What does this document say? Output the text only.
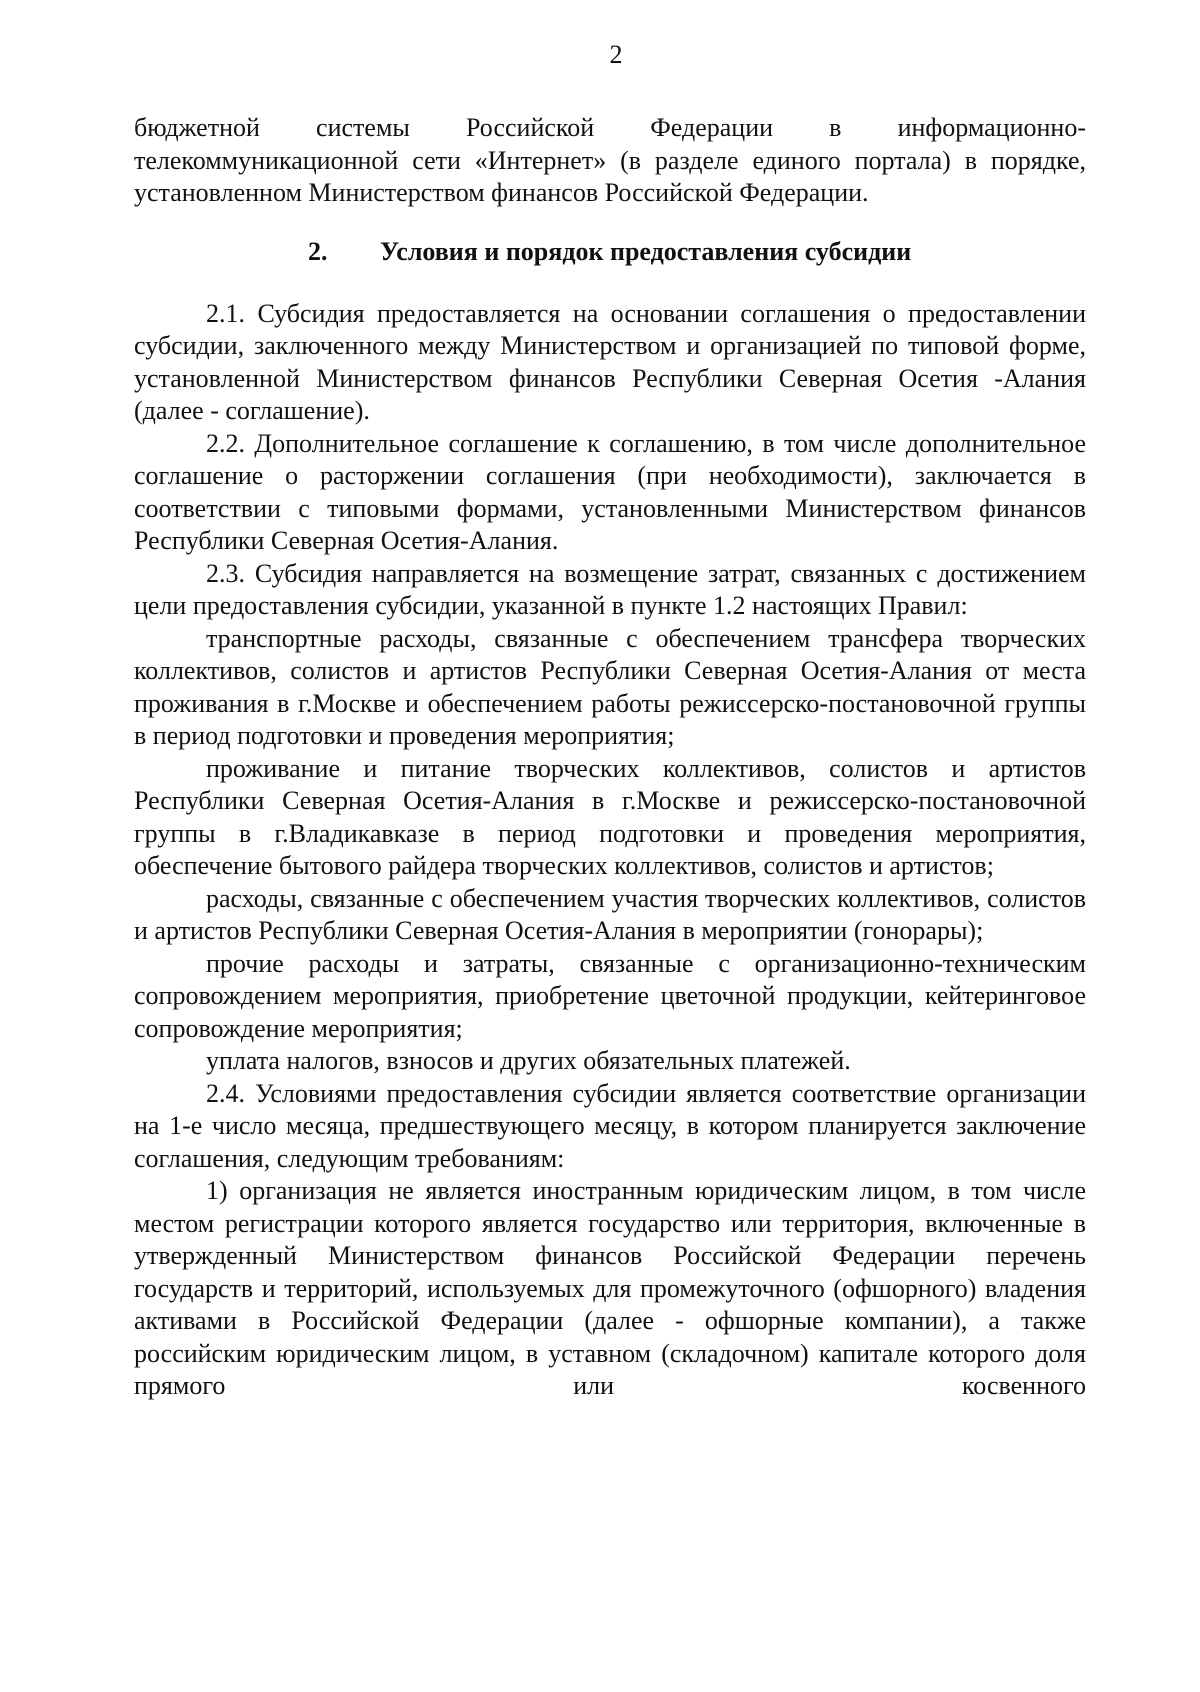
2

бюджетной системы Российской Федерации в информационно-телекоммуникационной сети «Интернет» (в разделе единого портала) в порядке, установленном Министерством финансов Российской Федерации.

2. Условия и порядок предоставления субсидии

2.1. Субсидия предоставляется на основании соглашения о предоставлении субсидии, заключенного между Министерством и организацией по типовой форме, установленной Министерством финансов Республики Северная Осетия -Алания (далее - соглашение).

2.2. Дополнительное соглашение к соглашению, в том числе дополнительное соглашение о расторжении соглашения (при необходимости), заключается в соответствии с типовыми формами, установленными Министерством финансов Республики Северная Осетия-Алания.

2.3. Субсидия направляется на возмещение затрат, связанных с достижением цели предоставления субсидии, указанной в пункте 1.2 настоящих Правил:

транспортные расходы, связанные с обеспечением трансфера творческих коллективов, солистов и артистов Республики Северная Осетия-Алания от места проживания в г.Москве и обеспечением работы режиссерско-постановочной группы в период подготовки и проведения мероприятия;

проживание и питание творческих коллективов, солистов и артистов Республики Северная Осетия-Алания в г.Москве и режиссерско-постановочной группы в г.Владикавказе в период подготовки и проведения мероприятия, обеспечение бытового райдера творческих коллективов, солистов и артистов;

расходы, связанные с обеспечением участия творческих коллективов, солистов и артистов Республики Северная Осетия-Алания в мероприятии (гонорары);

прочие расходы и затраты, связанные с организационно-техническим сопровождением мероприятия, приобретение цветочной продукции, кейтеринговое сопровождение мероприятия;

уплата налогов, взносов и других обязательных платежей.

2.4. Условиями предоставления субсидии является соответствие организации на 1-е число месяца, предшествующего месяцу, в котором планируется заключение соглашения, следующим требованиям:

1) организация не является иностранным юридическим лицом, в том числе местом регистрации которого является государство или территория, включенные в утвержденный Министерством финансов Российской Федерации перечень государств и территорий, используемых для промежуточного (офшорного) владения активами в Российской Федерации (далее - офшорные компании), а также российским юридическим лицом, в уставном (складочном) капитале которого доля прямого или косвенного
